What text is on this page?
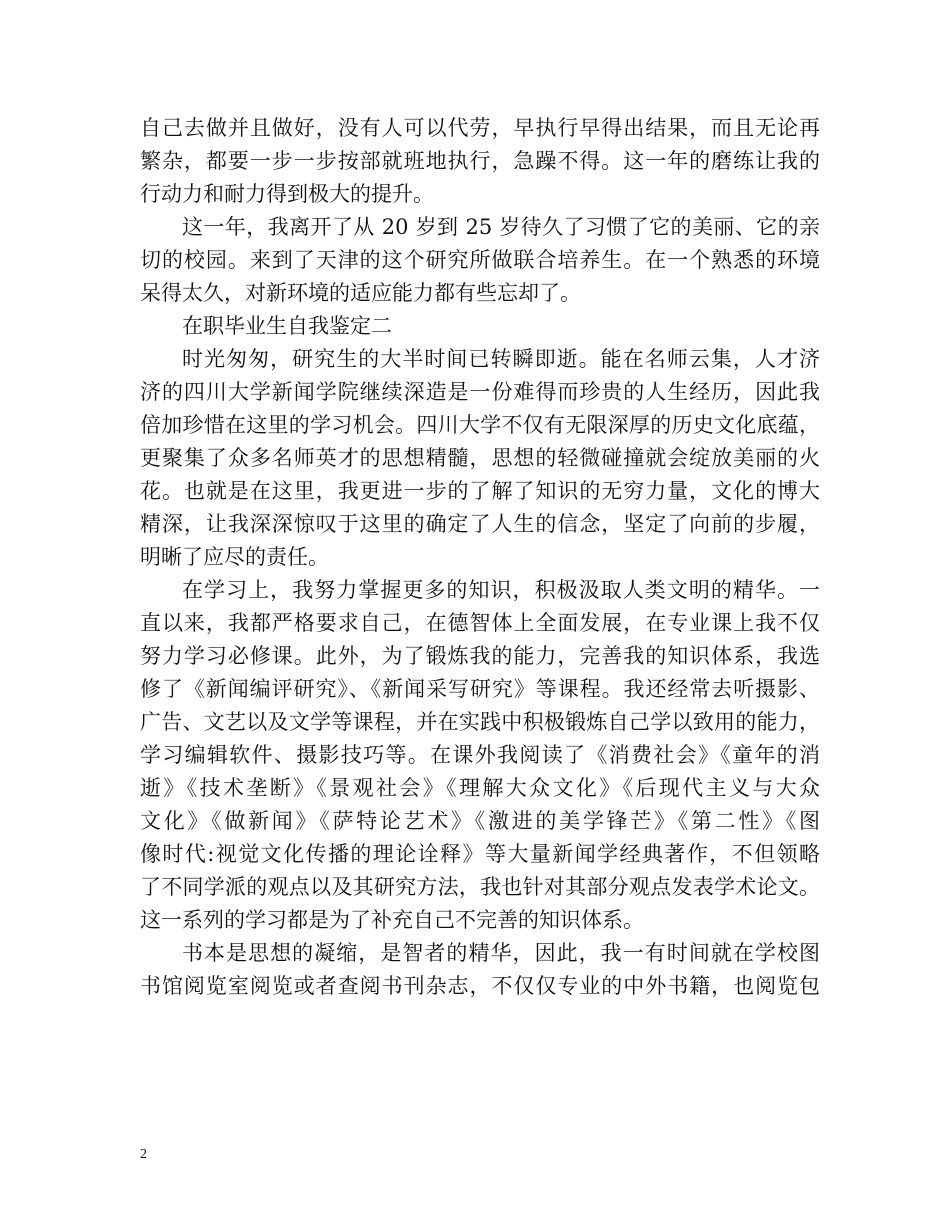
自己去做并且做好，没有人可以代劳，早执行早得出结果，而且无论再
繁杂，都要一步一步按部就班地执行，急躁不得。这一年的磨练让我的
行动力和耐力得到极大的提升。
这一年，我离开了从 20 岁到 25 岁待久了习惯了它的美丽、它的亲
切的校园。来到了天津的这个研究所做联合培养生。在一个熟悉的环境
呆得太久，对新环境的适应能力都有些忘却了。
在职毕业生自我鉴定二
时光匆匆，研究生的大半时间已转瞬即逝。能在名师云集，人才济
济的四川大学新闻学院继续深造是一份难得而珍贵的人生经历，因此我
倍加珍惜在这里的学习机会。四川大学不仅有无限深厚的历史文化底蕴，
更聚集了众多名师英才的思想精髓，思想的轻微碰撞就会绽放美丽的火
花。也就是在这里，我更进一步的了解了知识的无穷力量，文化的博大
精深，让我深深惊叹于这里的确定了人生的信念，坚定了向前的步履，
明晰了应尽的责任。
在学习上，我努力掌握更多的知识，积极汲取人类文明的精华。一
直以来，我都严格要求自己，在德智体上全面发展，在专业课上我不仅
努力学习必修课。此外，为了锻炼我的能力，完善我的知识体系，我选
修了《新闻编评研究》、《新闻采写研究》等课程。我还经常去听摄影、
广告、文艺以及文学等课程，并在实践中积极锻炼自己学以致用的能力，
学习编辑软件、摄影技巧等。在课外我阅读了《消费社会》《童年的消
逝》《技术垄断》《景观社会》《理解大众文化》《后现代主义与大众
文化》《做新闻》《萨特论艺术》《激进的美学锋芒》《第二性》《图
像时代:视觉文化传播的理论诠释》等大量新闻学经典著作，不但领略
了不同学派的观点以及其研究方法，我也针对其部分观点发表学术论文。
这一系列的学习都是为了补充自己不完善的知识体系。
书本是思想的凝缩，是智者的精华，因此，我一有时间就在学校图
书馆阅览室阅览或者查阅书刊杂志，不仅仅专业的中外书籍，也阅览包
2
